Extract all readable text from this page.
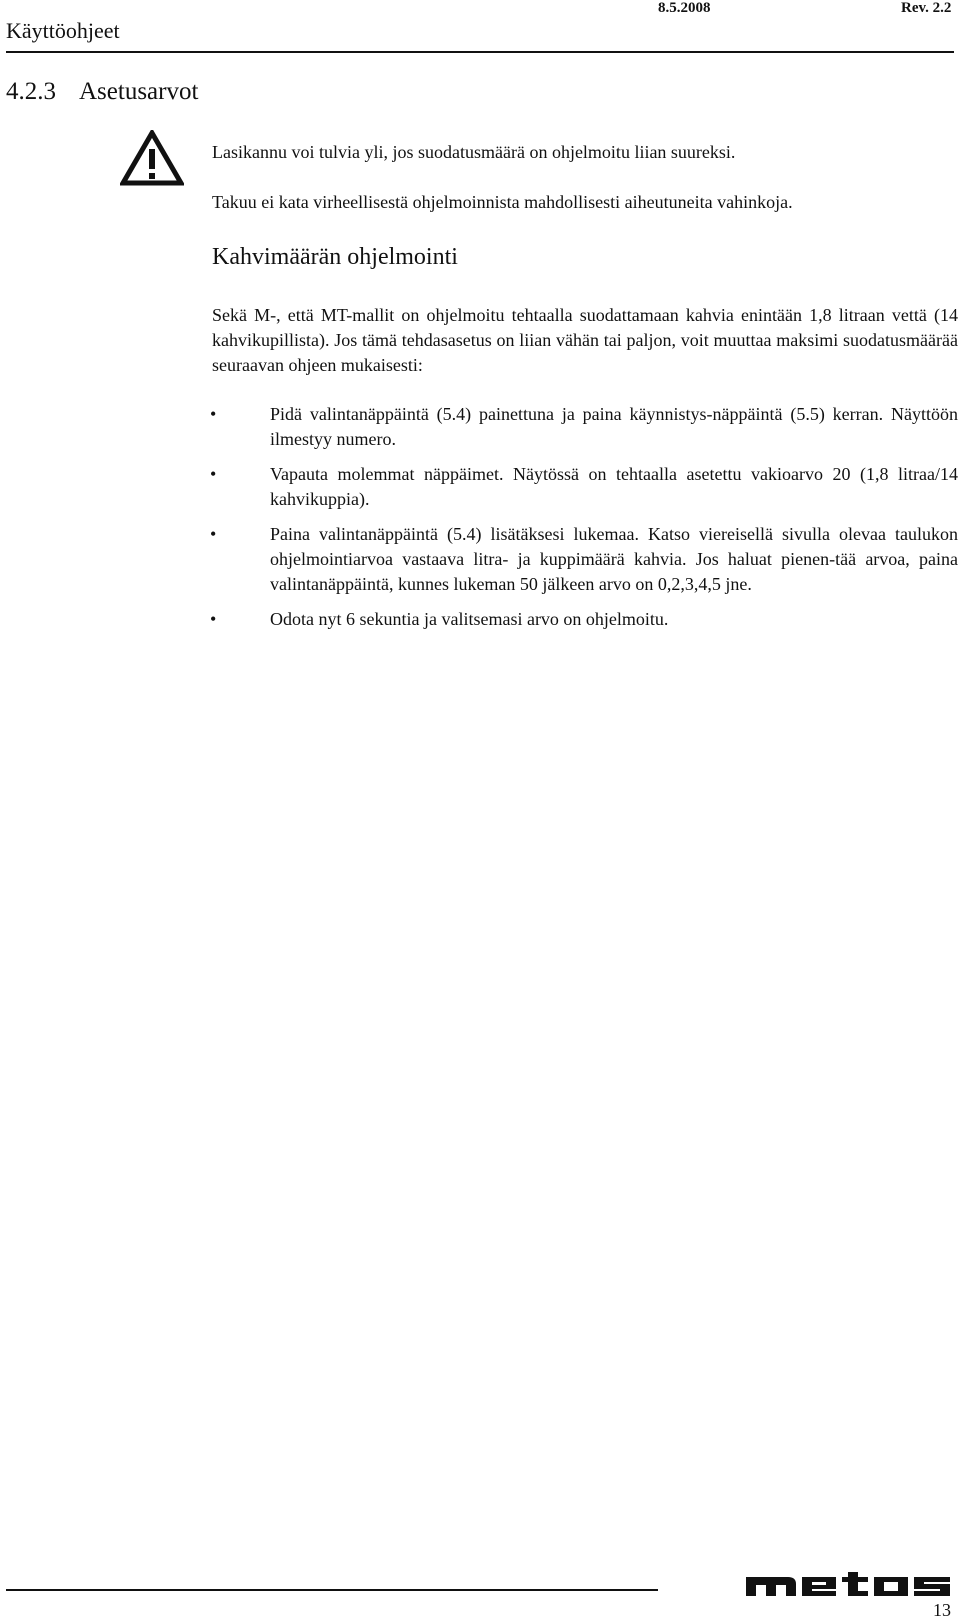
Käyttöohjeet
8.5.2008	Rev. 2.2
4.2.3 Asetusarvot
Lasikannu voi tulvia yli, jos suodatusmäärä on ohjelmoitu liian suureksi.
Takuu ei kata virheellisestä ohjelmoinnista mahdollisesti aiheutuneita vahinkoja.
Kahvimäärän ohjelmointi
Sekä M-, että MT-mallit on ohjelmoitu tehtaalla suodattamaan kahvia enintään 1,8 litraan vettä (14 kahvikupillista). Jos tämä tehdasasetus on liian vähän tai paljon, voit muuttaa maksimi suodatusmäärää seuraavan ohjeen mukaisesti:
•	Pidä valintanäppäintä (5.4) painettuna ja paina käynnistys-näppäintä (5.5) kerran. Näyttöön ilmestyy numero.
•	Vapauta molemmat näppäimet. Näytössä on tehtaalla asetettu vakioarvo 20 (1,8 litraa/14 kahvikuppia).
•	Paina valintanäppäintä (5.4) lisätäksesi lukemaa. Katso viereisellä sivulla olevaa taulukon ohjelmointiarvoa vastaava litra- ja kuppimäärä kahvia. Jos haluat pienen-tää arvoa, paina valintanäppäintä, kunnes lukeman 50 jälkeen arvo on 0,2,3,4,5 jne.
•	Odota nyt 6 sekuntia ja valitsemasi arvo on ohjelmoitu.
13
